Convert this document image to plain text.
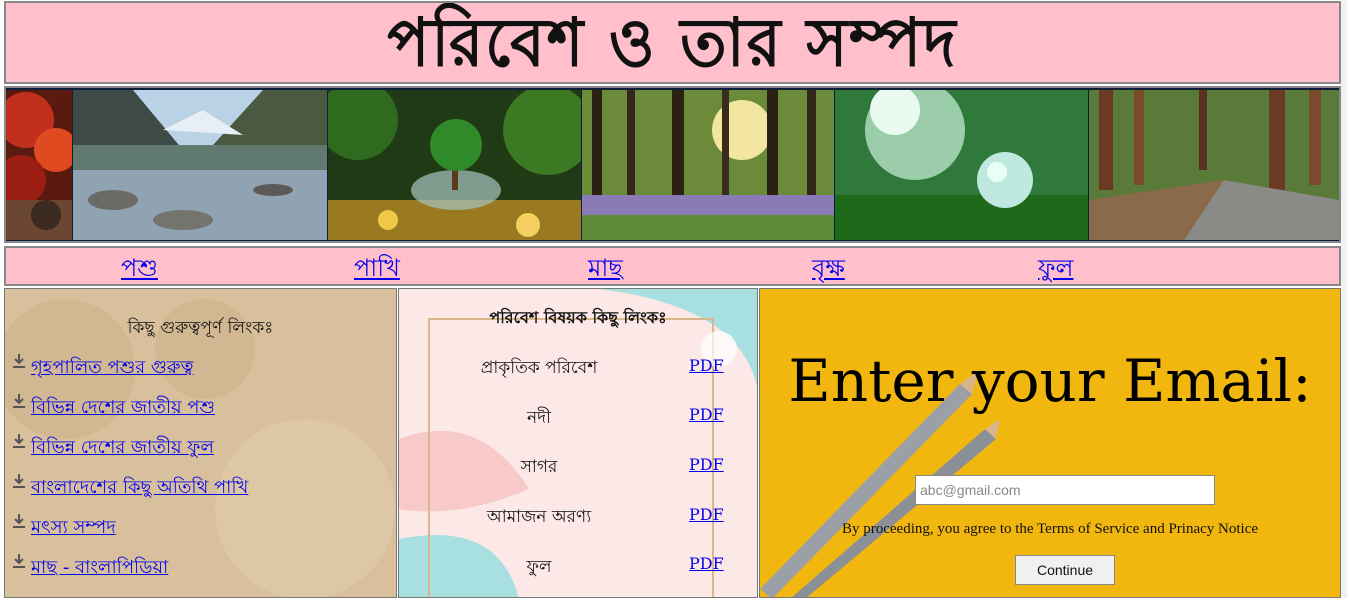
পরিবেশ ও তার সম্পদ
পশু	পাখি	মাছ	বৃক্ষ	ফুল
কিছু গুরুত্বপূর্ণ লিংকঃ
গৃহপালিত পশুর গুরুত্ব
বিভিন্ন দেশের জাতীয় পশু
বিভিন্ন দেশের জাতীয় ফুল
বাংলাদেশের কিছু অতিথি পাখি
মৎস্য সম্পদ
মাছ - বাংলাপিডিয়া
পরিবেশ বিষয়ক কিছু লিংকঃ
প্রাকৃতিক পরিবেশ	PDF
নদী	PDF
সাগর	PDF
আমাজন অরণ্য	PDF
ফুল	PDF
Enter your Email:
abc@gmail.com
By proceeding, you agree to the Terms of Service and Prinacy Notice
Continue
